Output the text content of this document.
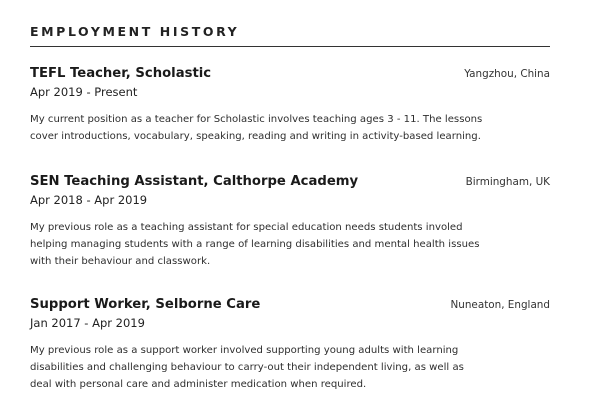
EMPLOYMENT HISTORY
TEFL Teacher, Scholastic	Yangzhou, China
Apr 2019 - Present

My current position as a teacher for Scholastic involves teaching ages 3 - 11. The lessons
cover introductions, vocabulary, speaking, reading and writing in activity-based learning.

SEN Teaching Assistant, Calthorpe Academy	Birmingham, UK
Apr 2018 - Apr 2019

My previous role as a teaching assistant for special education needs students involed
helping managing students with a range of learning disabilities and mental health issues
with their behaviour and classwork.

Support Worker, Selborne Care	Nuneaton, England
Jan 2017 - Apr 2019

My previous role as a support worker involved supporting young adults with learning
disabilities and challenging behaviour to carry-out their independent living, as well as
deal with personal care and administer medication when required.
